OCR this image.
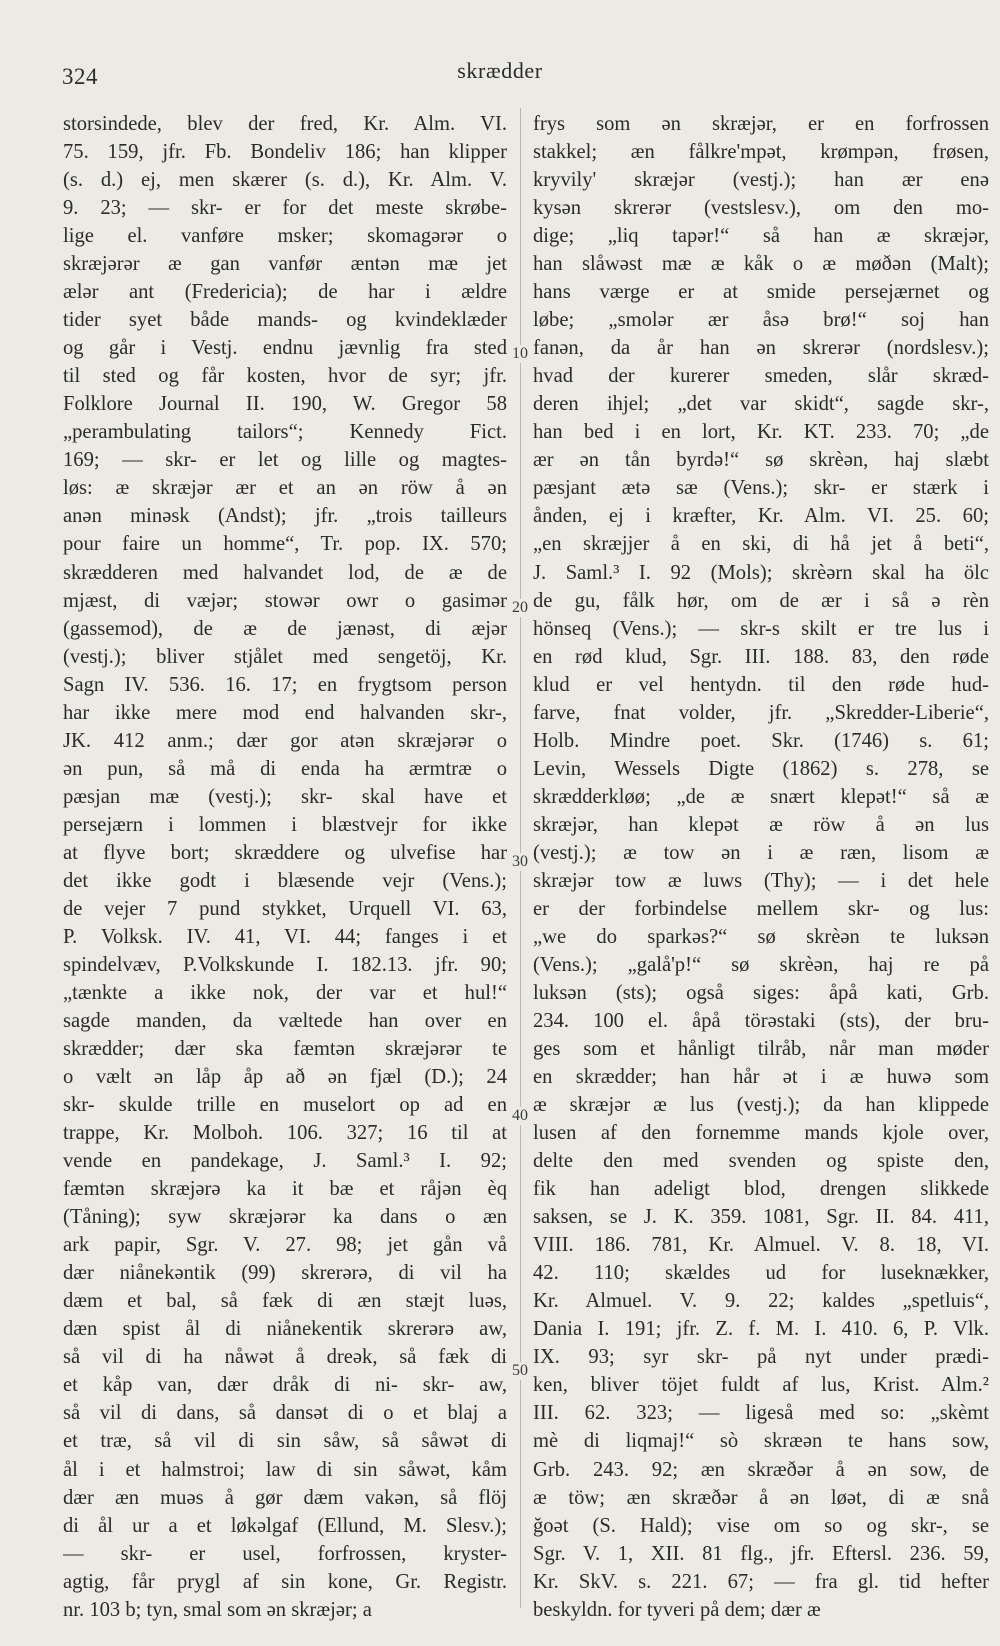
324	skrædder
10
20
30
40
50
storsindede, blev der fred, Kr. Alm. VI.
75. 159, jfr. Fb. Bondeliv 186; han klipper
(s. d.) ej, men skærer (s. d.), Kr. Alm. V.
9. 23; — skr- er for det meste skrøbe-
lige el. vanføre msker; skomagərər o
skræjərər æ gan vanfør æntən mæ jet
ælər ant (Fredericia); de har i ældre
tider syet både mands- og kvindeklæder
og går i Vestj. endnu jævnlig fra sted
til sted og får kosten, hvor de syr; jfr.
Folklore Journal II. 190, W. Gregor 58
„perambulating tailors“; Kennedy Fict.
169; — skr- er let og lille og magtes-
løs: æ skræjər ær et an ən röw å ən
anən minəsk (Andst); jfr. „trois tailleurs
pour faire un homme“, Tr. pop. IX. 570;
skrædderen med halvandet lod, de æ de
mjæst, di væjər; stowər owr o gasimər
(gassemod), de æ de jænəst, di æjər
(vestj.); bliver stjålet med sengetöj, Kr.
Sagn IV. 536. 16. 17; en frygtsom person
har ikke mere mod end halvanden skr-,
JK. 412 anm.; dær gor atən skræjərər o
ən pun, så må di enda ha ærmtræ o
pæsjan mæ (vestj.); skr- skal have et
persejærn i lommen i blæstvejr for ikke
at flyve bort; skræddere og ulvefise har
det ikke godt i blæsende vejr (Vens.);
de vejer 7 pund stykket, Urquell VI. 63,
P. Volksk. IV. 41, VI. 44; fanges i et
spindelvæv, P.Volkskunde I. 182.13. jfr. 90;
„tænkte a ikke nok, der var et hul!“
sagde manden, da væltede han over en
skrædder; dær ska fæmtən skræjərər te
o vælt ən låp åp að ən fjæl (D.); 24
skr- skulde trille en muselort op ad en
trappe, Kr. Molboh. 106. 327; 16 til at
vende en pandekage, J. Saml.³ I. 92;
fæmtən skræjərə ka it bæ et råjən èq
(Tåning); syw skræjərər ka dans o æn
ark papir, Sgr. V. 27. 98; jet gån vå
dær niånekəntik (99) skrerərə, di vil ha
dæm et bal, så fæk di æn stæjt luəs,
dæn spist ål di niånekentik skrerərə aw,
så vil di ha nåwət å dreək, så fæk di
et kåp van, dær dråk di ni- skr- aw,
så vil di dans, så dansət di o et blaj a
et træ, så vil di sin såw, så såwət di
ål i et halmstroi; law di sin såwət, kåm
dær æn muəs å gør dæm vakən, så flöj
di ål ur a et løkəlgaf (Ellund, M. Slesv.);
— skr- er usel, forfrossen, kryster-
agtig, får prygl af sin kone, Gr. Registr.
nr. 103 b; tyn, smal som ən skræjər; a
frys som ən skræjər, er en forfrossen
stakkel; æn fålkre'mpət, krømpən, frøsen,
kryvily' skræjər (vestj.); han ær enə
kysən skrerər (vestslesv.), om den mo-
dige; „liq tapər!“ så han æ skræjər,
han slåwəst mæ æ kåk o æ møðən (Malt);
hans værge er at smide persejærnet og
løbe; „smolər ær åsə brø!“ soj han
fanən, da år han ən skrerər (nordslesv.);
hvad der kurerer smeden, slår skræd-
deren ihjel; „det var skidt“, sagde skr-,
han bed i en lort, Kr. KT. 233. 70; „de
ær ən tån byrdə!“ sø skrèən, haj slæbt
pæsjant ætə sæ (Vens.); skr- er stærk i
ånden, ej i kræfter, Kr. Alm. VI. 25. 60;
„en skræjjer å en ski, di hå jet å beti“,
J. Saml.³ I. 92 (Mols); skrèərn skal ha ölc
de gu, fålk hør, om de ær i så ə rèn
hönseq (Vens.); — skr-s skilt er tre lus i
en rød klud, Sgr. III. 188. 83, den røde
klud er vel hentydn. til den røde hud-
farve, fnat volder, jfr. „Skredder-Liberie“,
Holb. Mindre poet. Skr. (1746) s. 61;
Levin, Wessels Digte (1862) s. 278, se
skrædderkløø; „de æ snært klepət!“ så æ
skræjər, han klepət æ röw å ən lus
(vestj.); æ tow ən i æ ræn, lisom æ
skræjər tow æ luws (Thy); — i det hele
er der forbindelse mellem skr- og lus:
„we do sparkəs?“ sø skrèən te luksən
(Vens.); „galå'p!“ sø skrèən, haj re på
luksən (sts); også siges: åpå kati, Grb.
234. 100 el. åpå törəstaki (sts), der bru-
ges som et hånligt tilråb, når man møder
en skrædder; han hår ət i æ huwə som
æ skræjər æ lus (vestj.); da han klippede
lusen af den fornemme mands kjole over,
delte den med svenden og spiste den,
fik han adeligt blod, drengen slikkede
saksen, se J. K. 359. 1081, Sgr. II. 84. 411,
VIII. 186. 781, Kr. Almuel. V. 8. 18, VI.
42. 110; skældes ud for luseknækker,
Kr. Almuel. V. 9. 22; kaldes „spetluis“,
Dania I. 191; jfr. Z. f. M. I. 410. 6, P. Vlk.
IX. 93; syr skr- på nyt under prædi-
ken, bliver töjet fuldt af lus, Krist. Alm.²
III. 62. 323; — ligeså med so: „skèmt
mè di liqmaj!“ sò skræən te hans sow,
Grb. 243. 92; æn skræðər å ən sow, de
æ töw; æn skræðər å ən løət, di æ snå
ğoət (S. Hald); vise om so og skr-, se
Sgr. V. 1, XII. 81 flg., jfr. Eftersl. 236. 59,
Kr. SkV. s. 221. 67; — fra gl. tid hefter
beskyldn. for tyveri på dem; dær æ
